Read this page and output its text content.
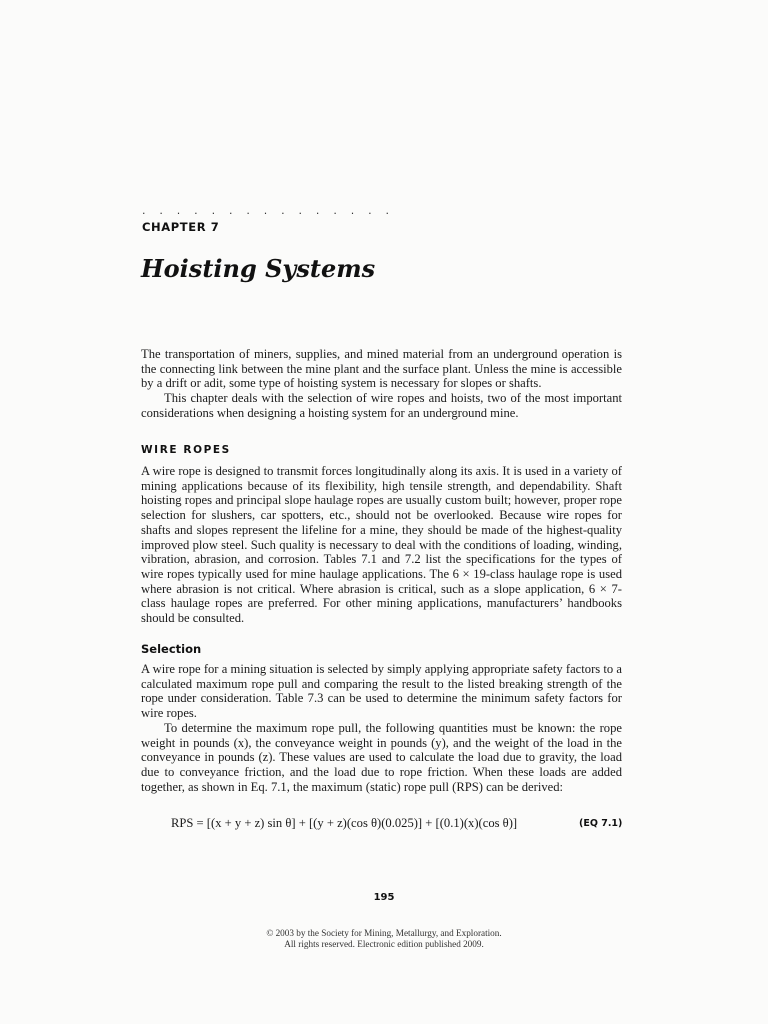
. . . . . . . . . . . . . . .
CHAPTER 7
Hoisting Systems

The transportation of miners, supplies, and mined material from an underground operation is the connecting link between the mine plant and the surface plant. Unless the mine is accessible by a drift or adit, some type of hoisting system is necessary for slopes or shafts.

This chapter deals with the selection of wire ropes and hoists, two of the most important considerations when designing a hoisting system for an underground mine.

WIRE ROPES

A wire rope is designed to transmit forces longitudinally along its axis. It is used in a variety of mining applications because of its flexibility, high tensile strength, and dependability. Shaft hoisting ropes and principal slope haulage ropes are usually custom built; however, proper rope selection for slushers, car spotters, etc., should not be overlooked. Because wire ropes for shafts and slopes represent the lifeline for a mine, they should be made of the highest-quality improved plow steel. Such quality is necessary to deal with the conditions of loading, winding, vibration, abrasion, and corrosion. Tables 7.1 and 7.2 list the specifications for the types of wire ropes typically used for mine haulage applications. The 6 × 19-class haulage rope is used where abrasion is not critical. Where abrasion is critical, such as a slope application, 6 × 7-class haulage ropes are preferred. For other mining applications, manufacturers’ handbooks should be consulted.

Selection

A wire rope for a mining situation is selected by simply applying appropriate safety factors to a calculated maximum rope pull and comparing the result to the listed breaking strength of the rope under consideration. Table 7.3 can be used to determine the minimum safety factors for wire ropes.

To determine the maximum rope pull, the following quantities must be known: the rope weight in pounds (x), the conveyance weight in pounds (y), and the weight of the load in the conveyance in pounds (z). These values are used to calculate the load due to gravity, the load due to conveyance friction, and the load due to rope friction. When these loads are added together, as shown in Eq. 7.1, the maximum (static) rope pull (RPS) can be derived:

RPS = [(x + y + z) sin θ] + [(y + z)(cos θ)(0.025)] + [(0.1)(x)(cos θ)]	(EQ 7.1)
195
© 2003 by the Society for Mining, Metallurgy, and Exploration.
All rights reserved. Electronic edition published 2009.
